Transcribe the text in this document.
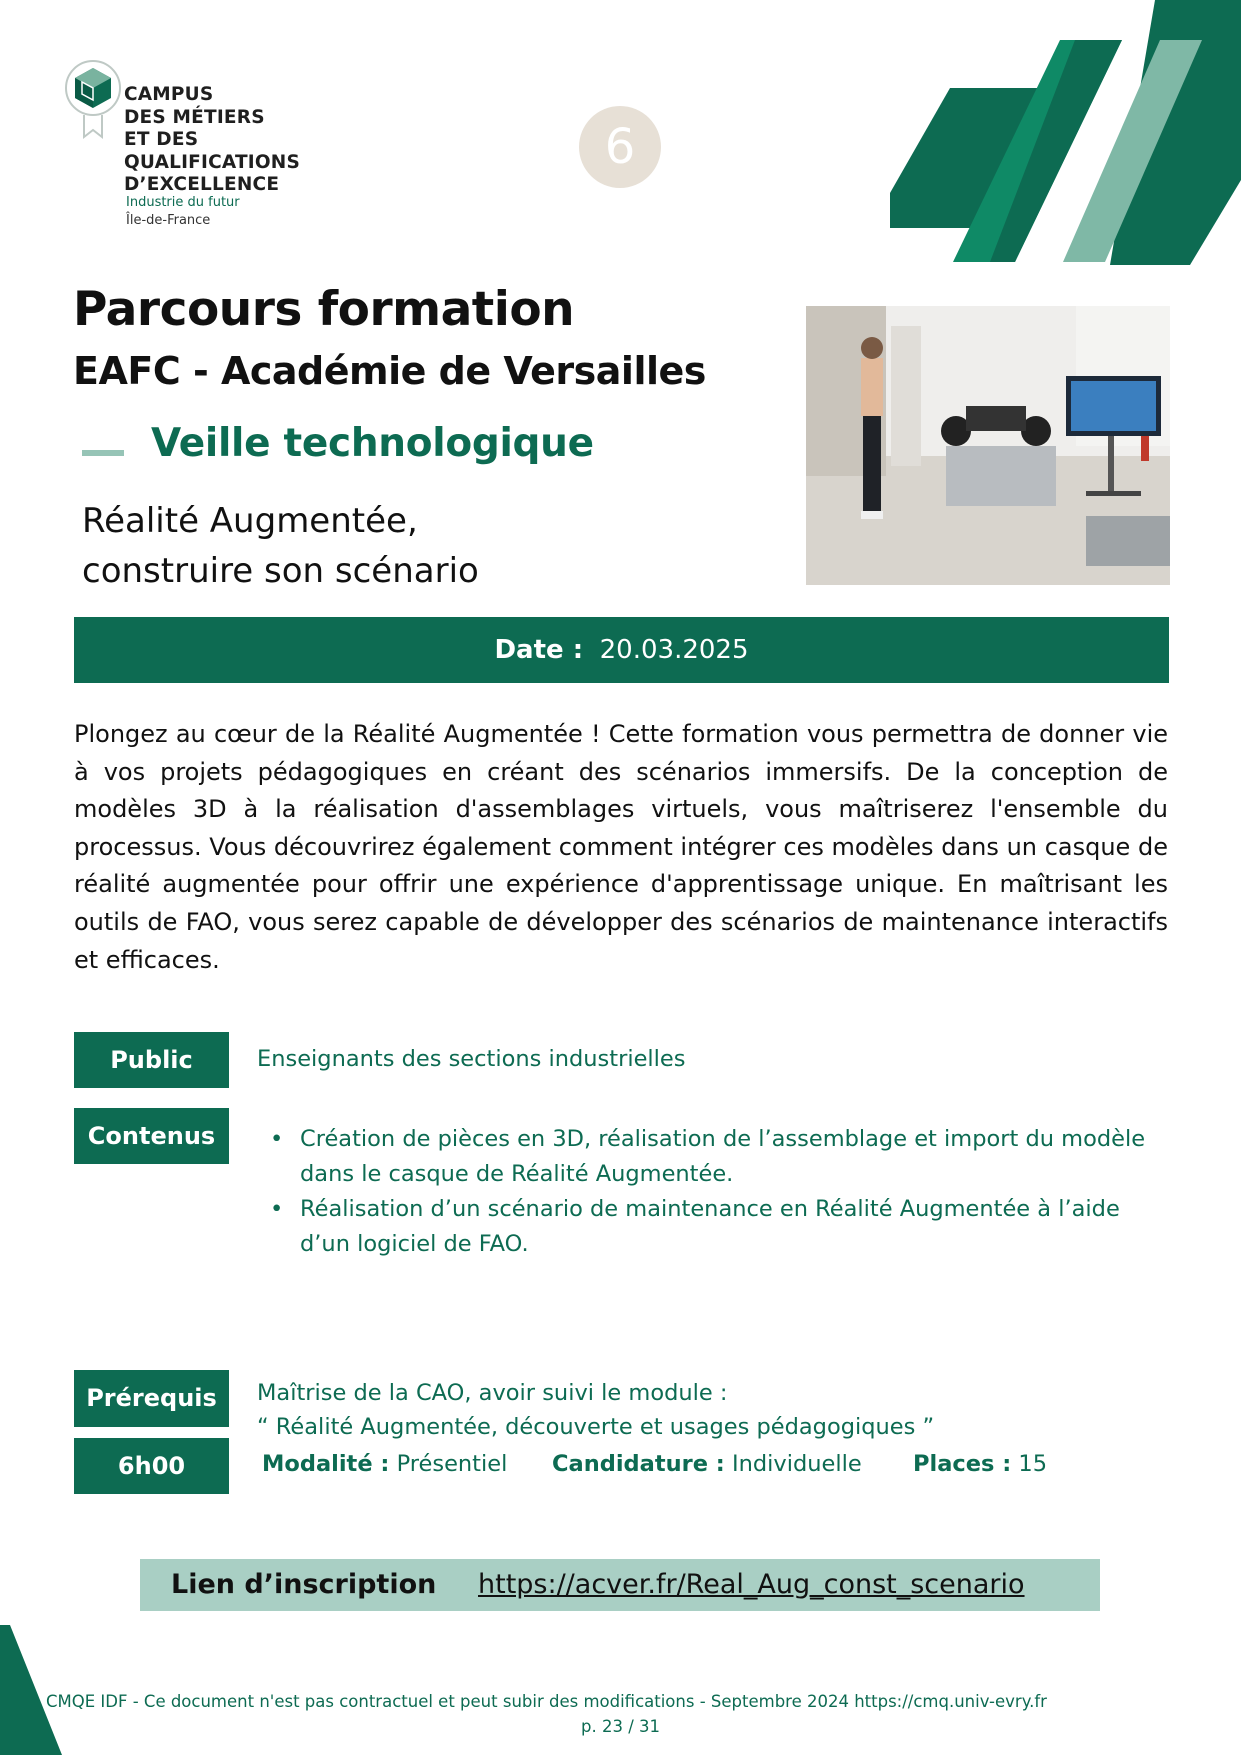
CAMPUS
DES MÉTIERS
ET DES
QUALIFICATIONS
D’EXCELLENCE
Industrie du futur
Île-de-France
6
Parcours formation
EAFC - Académie de Versailles
Veille technologique
Réalité Augmentée,
construire son scénario
Date : 20.03.2025

Plongez au cœur de la Réalité Augmentée ! Cette formation vous permettra de donner vie à vos projets pédagogiques en créant des scénarios immersifs. De la conception de modèles 3D à la réalisation d'assemblages virtuels, vous maîtriserez l'ensemble du processus. Vous découvrirez également comment intégrer ces modèles dans un casque de réalité augmentée pour offrir une expérience d'apprentissage unique. En maîtrisant les outils de FAO, vous serez capable de développer des scénarios de maintenance interactifs et efficaces.

Public	Enseignants des sections industrielles
Contenus
•	Création de pièces en 3D, réalisation de l’assemblage et import du modèle dans le casque de Réalité Augmentée.
• Réalisation d’un scénario de maintenance en Réalité Augmentée à l’aide d’un logiciel de FAO.
Prérequis	Maîtrise de la CAO, avoir suivi le module :
“ Réalité Augmentée, découverte et usages pédagogiques ”
6h00	Modalité : Présentiel Candidature : Individuelle Places : 15
Lien d’inscription https://acver.fr/Real_Aug_const_scenario
CMQE IDF - Ce document n'est pas contractuel et peut subir des modifications - Septembre 2024 https://cmq.univ-evry.fr
p. 23 / 31
